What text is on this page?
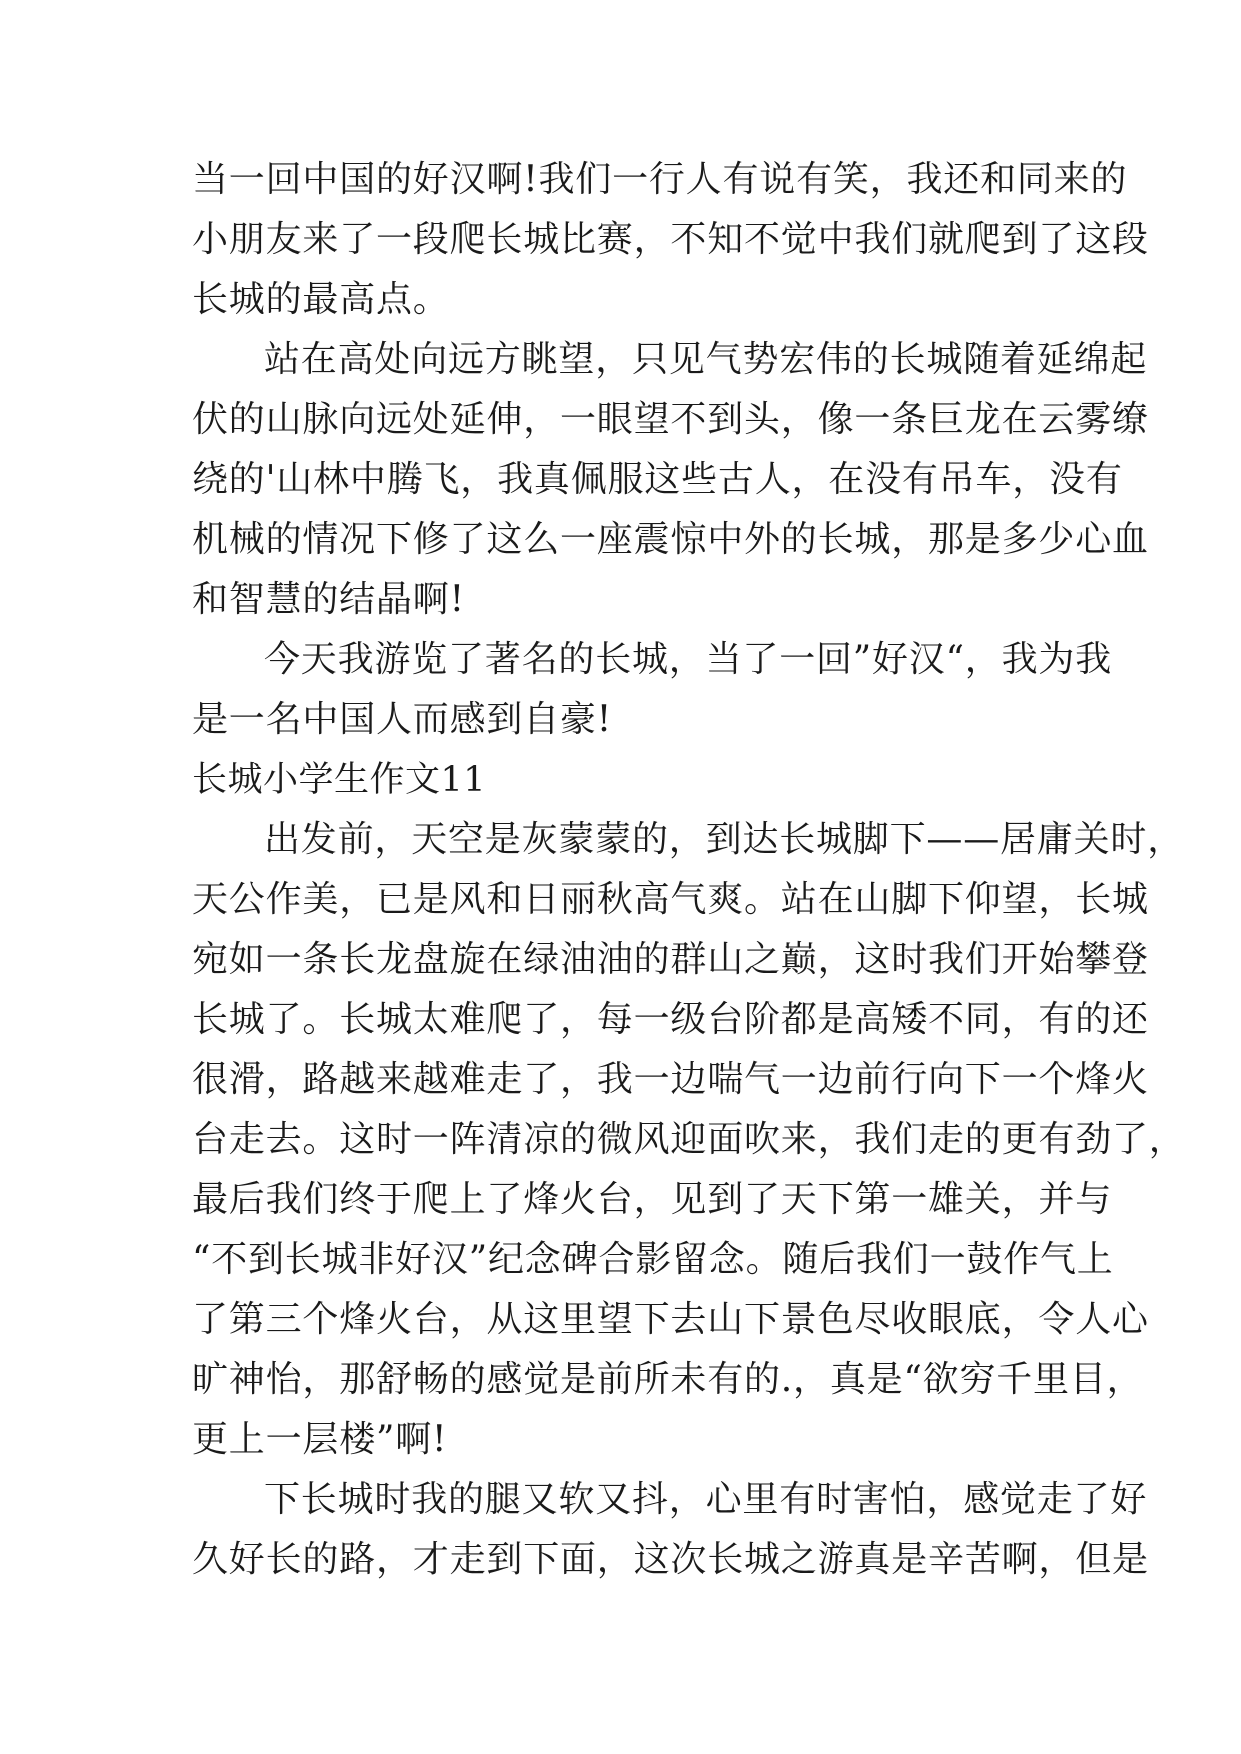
当一回中国的好汉啊!我们一行人有说有笑，我还和同来的
小朋友来了一段爬长城比赛，不知不觉中我们就爬到了这段
长城的最高点。
站在高处向远方眺望，只见气势宏伟的长城随着延绵起
伏的山脉向远处延伸，一眼望不到头，像一条巨龙在云雾缭
绕的'山林中腾飞，我真佩服这些古人，在没有吊车，没有
机械的情况下修了这么一座震惊中外的长城，那是多少心血
和智慧的结晶啊!
今天我游览了著名的长城，当了一回”好汉“，我为我
是一名中国人而感到自豪!
长城小学生作文11
出发前，天空是灰蒙蒙的，到达长城脚下——居庸关时，
天公作美，已是风和日丽秋高气爽。站在山脚下仰望，长城
宛如一条长龙盘旋在绿油油的群山之巅，这时我们开始攀登
长城了。长城太难爬了，每一级台阶都是高矮不同，有的还
很滑，路越来越难走了，我一边喘气一边前行向下一个烽火
台走去。这时一阵清凉的微风迎面吹来，我们走的更有劲了，
最后我们终于爬上了烽火台，见到了天下第一雄关，并与
“不到长城非好汉”纪念碑合影留念。随后我们一鼓作气上
了第三个烽火台，从这里望下去山下景色尽收眼底，令人心
旷神怡，那舒畅的感觉是前所未有的.，真是“欲穷千里目，
更上一层楼”啊!
下长城时我的腿又软又抖，心里有时害怕，感觉走了好
久好长的路，才走到下面，这次长城之游真是辛苦啊，但是
